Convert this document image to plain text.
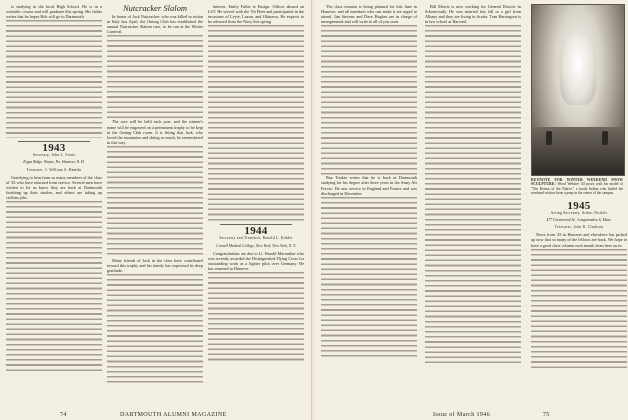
is studying in the local High School. He is in a scientific course and will graduate this spring. His father writes that he hopes Bob will go to Dartmouth.

1943
Secretary, John L. Stone
Kipps Ridge, Wayne, Pa. Hanover, N. H.
Treasurer, J. William S. Hamlin

Gratifying to hear from so many members of the class of '43 who have returned from service. Several men have written to let us know they are back at Dartmouth finishing up their studies, and others are taking up civilian jobs.

Nutcracker Slalom

In honor of Jack Nutcracker, who was killed in action in Italy last April, the Outing Club has established the annual Nutcracker Slalom race, to be run at the Winter Carnival.

The race will be held each year, and the winner's name will be engraved on a permanent trophy to be kept in the Outing Club room. It is fitting that Jack, who loved the mountains and skiing so much, be remembered in this way.

Many friends of Jack in the class have contributed toward this trophy and his family has expressed its deep gratitude.

interest. Emily Fuller is Ensign. Officer aboard an LST. He served with the 7th Fleet and participated in the invasions of Leyte, Luzon, and Okinawa. He expects to be released from the Navy this spring.

1944
Secretary and Treasurer, Ronald L. Kidder
Cornell Medical College, New York, New York, N. Y.

Congratulations are due to Lt. Harold Macomber who was recently awarded the Distinguished Flying Cross for outstanding work as a fighter pilot over Germany. He has returned to Hanover.

74	DARTMOUTH ALUMNI MAGAZINE

The class reunion is being planned for this June in Hanover, and all members who can make it are urged to attend. Jim Stevens and Dave Hughes are in charge of arrangements and will write to all of you soon.

Buz Tonkin writes that he is back at Dartmouth studying for his degree after three years in the Army Air Forces. He saw service in England and France and was discharged in December.

Bill Morris is now working for General Electric in Schenectady. He was married last fall to a girl from Albany and they are living in Scotia. Tom Harrington is in law school at Harvard.

KEYNOTE FOR WINTER WEEKEND SNOW SCULPTURE: Wood Webster '44 poses with his model of "The Return of the Native," a hardy Indian who hailed the weekend visitors from a peep in the center of the campus.
1945
Acting Secretary, Arthur Nichols
477 Greenwood St., Longmeadow 6, Mass.
Treasurer, John D. Clarkson

News from '45 in Hanover and elsewhere has picked up now that so many of the fellows are back. We hope to have a good class column each month from here on in.

Issue of March 1946	75
